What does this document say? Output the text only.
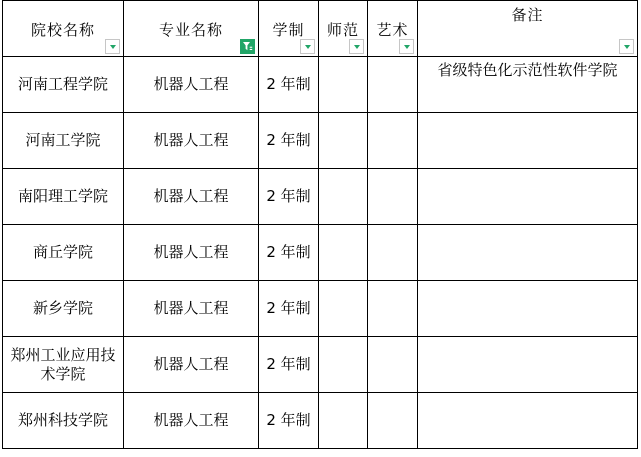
院校名称	专业名称	学制	师范	艺术	备注

河南工程学院	机器人工程	2 年制			省级特色化示范性软件学院
河南工学院	机器人工程	2 年制			
南阳理工学院	机器人工程	2 年制			
商丘学院	机器人工程	2 年制			
新乡学院	机器人工程	2 年制			
郑州工业应用技术学院	机器人工程	2 年制			
郑州科技学院	机器人工程	2 年制			
